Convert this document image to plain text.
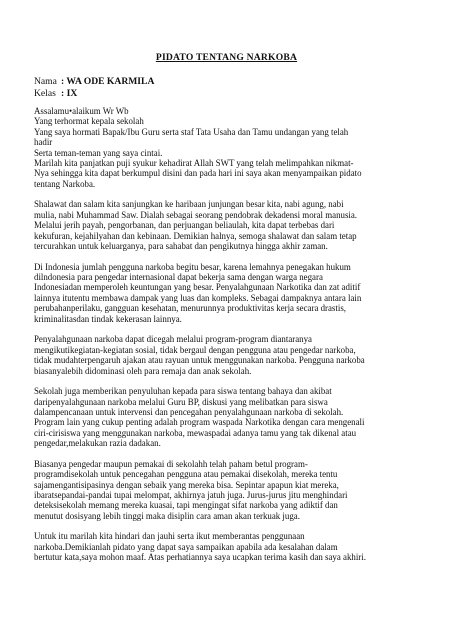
PIDATO TENTANG NARKOBA
Nama : WA ODE KARMILA
Kelas : IX
Assalamu•alaikum Wr Wb
Yang terhormat kepala sekolah
Yang saya hormati Bapak/Ibu Guru serta staf Tata Usaha dan Tamu undangan yang telah
hadir
Serta teman-teman yang saya cintai.
Marilah kita panjatkan puji syukur kehadirat Allah SWT yang telah melimpahkan nikmat-
Nya sehingga kita dapat berkumpul disini dan pada hari ini saya akan menyampaikan pidato
tentang Narkoba.
Shalawat dan salam kita sanjungkan ke haribaan junjungan besar kita, nabi agung, nabi
mulia, nabi Muhammad Saw. Dialah sebagai seorang pendobrak dekadensi moral manusia.
Melalui jerih payah, pengorbanan, dan perjuangan beliaulah, kita dapat terbebas dari
kekufuran, kejahilyahan dan kebinaan. Demikian halnya, semoga shalawat dan salam tetap
tercurahkan untuk keluarganya, para sahabat dan pengikutnya hingga akhir zaman.
Di Indonesia jumlah pengguna narkoba begitu besar, karena lemahnya penegakan hukum
dilndonesia para pengedar internasional dapat bekerja sama dengan warga negara
Indonesiadan memperoleh keuntungan yang besar. Penyalahgunaan Narkotika dan zat aditif
lainnya itutentu membawa dampak yang luas dan kompleks. Sebagai dampaknya antara lain
perubahanperilaku, gangguan kesehatan, menurunnya produktivitas kerja secara drastis,
kriminalitasdan tindak kekerasan lainnya.
Penyalahgunaan narkoba dapat dicegah melalui program-program diantaranya
mengikutikegiatan-kegiatan sosial, tidak bergaul dengan pengguna atau pengedar narkoba,
tidak mudahterpengaruh ajakan atau rayuan untuk menggunakan narkoba. Pengguna narkoba
biasanyalebih didominasi oleh para remaja dan anak sekolah.
Sekolah juga memberikan penyuluhan kepada para siswa tentang bahaya dan akibat
daripenyalahgunaan narkoba melalui Guru BP, diskusi yang melibatkan para siswa
dalampencanaan untuk intervensi dan pencegahan penyalahgunaan narkoba di sekolah.
Program lain yang cukup penting adalah program waspada Narkotika dengan cara mengenali
ciri-cirisiswa yang menggunakan narkoba, mewaspadai adanya tamu yang tak dikenal atau
pengedar,melakukan razia dadakan.
Biasanya pengedar maupun pemakai di sekolahh telah paham betul program-
programdisekolah untuk pencegahan pengguna atau pemakai disekolah, mereka tentu
sajamengantisipasinya dengan sebaik yang mereka bisa. Sepintar apapun kiat mereka,
ibaratsepandai-pandai tupai melompat, akhirnya jatuh juga. Jurus-jurus jitu menghindari
deteksisekolah memang mereka kuasai, tapi mengingat sifat narkoba yang adiktif dan
menutut dosisyang lebih tinggi maka disiplin cara aman akan terkuak juga.
Untuk itu marilah kita hindari dan jauhi serta ikut memberantas penggunaan
narkoba.Demikianlah pidato yang dapat saya sampaikan apabila ada kesalahan dalam
bertutur kata,saya mohon maaf. Atas perhatiannya saya ucapkan terima kasih dan saya akhiri.
